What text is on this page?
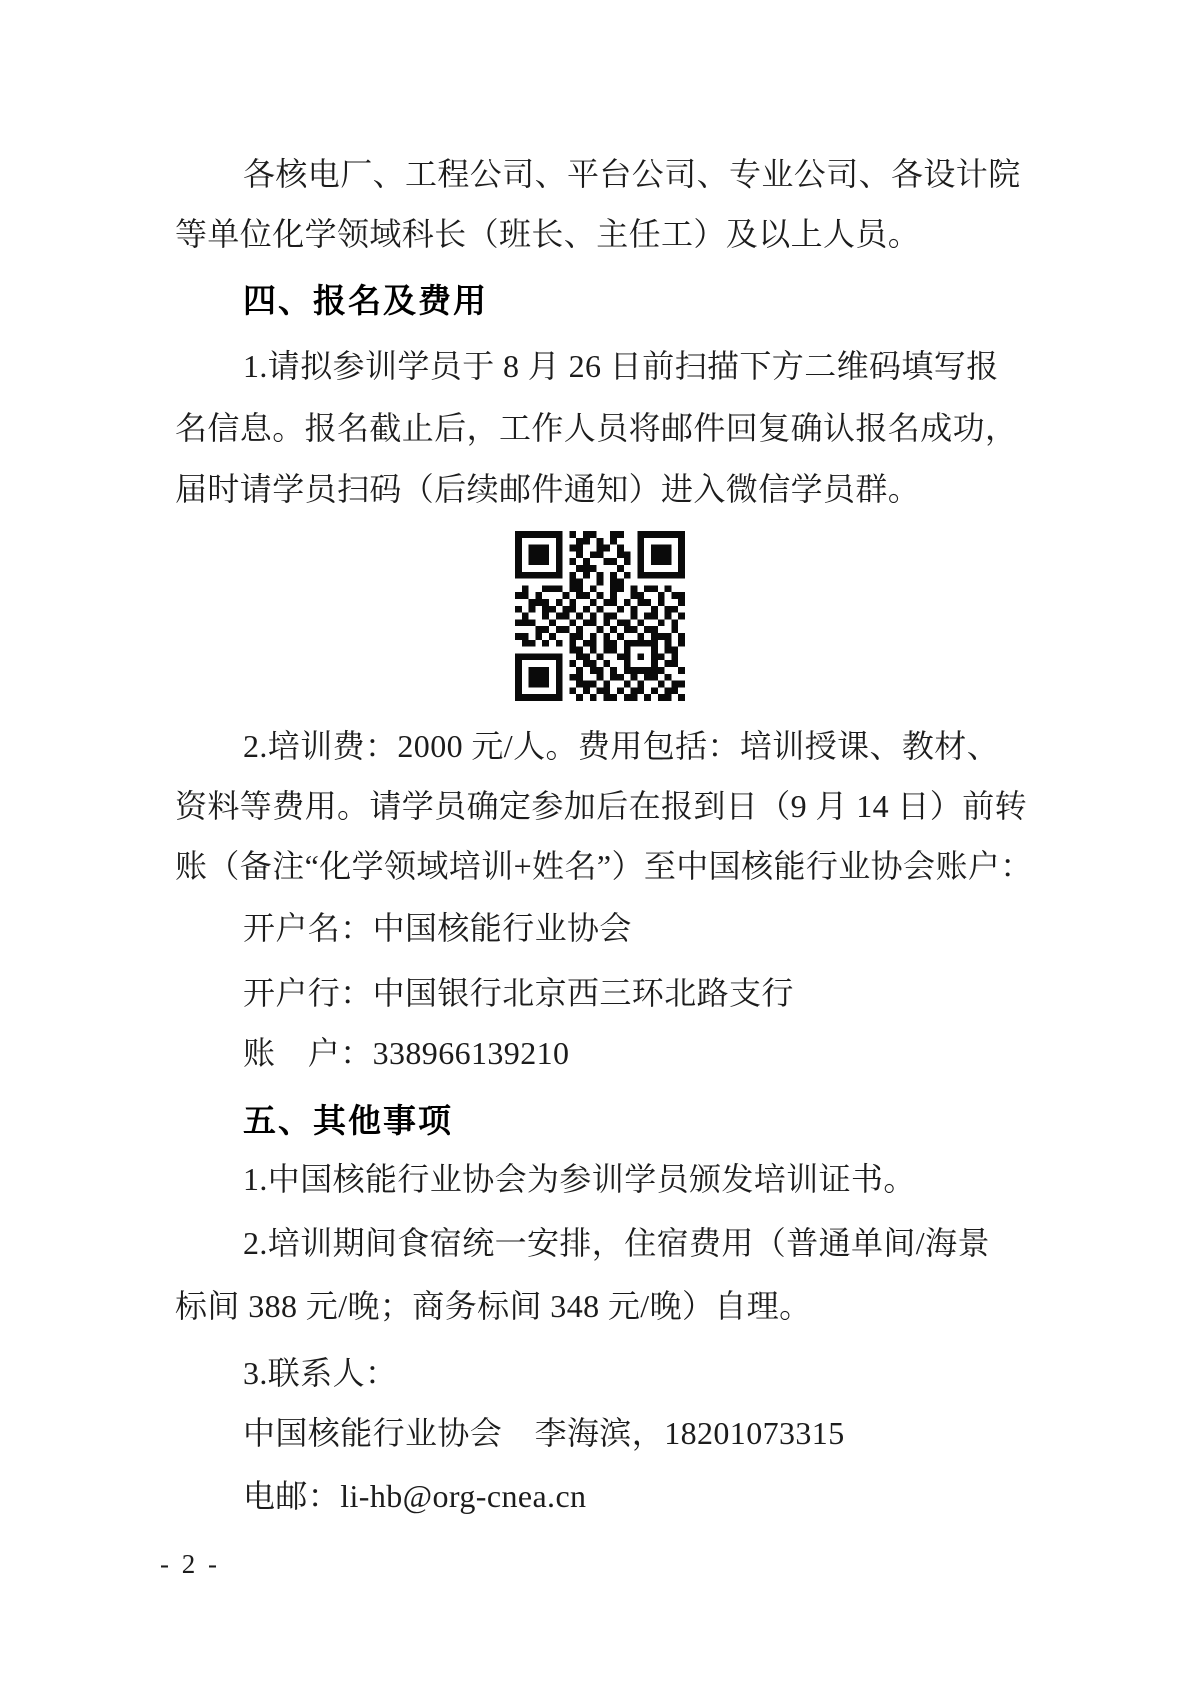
各核电厂、工程公司、平台公司、专业公司、各设计院
等单位化学领域科长（班长、主任工）及以上人员。
四、报名及费用
1.请拟参训学员于 8 月 26 日前扫描下方二维码填写报
名信息。报名截止后，工作人员将邮件回复确认报名成功，
届时请学员扫码（后续邮件通知）进入微信学员群。
2.培训费：2000 元/人。费用包括：培训授课、教材、
资料等费用。请学员确定参加后在报到日（9 月 14 日）前转
账（备注“化学领域培训+姓名”）至中国核能行业协会账户：
开户名：中国核能行业协会
开户行：中国银行北京西三环北路支行
账　户：338966139210
五、其他事项
1.中国核能行业协会为参训学员颁发培训证书。
2.培训期间食宿统一安排，住宿费用（普通单间/海景
标间 388 元/晚；商务标间 348 元/晚）自理。
3.联系人：
中国核能行业协会　李海滨，18201073315
电邮：li-hb@org-cnea.cn
- 2 -
